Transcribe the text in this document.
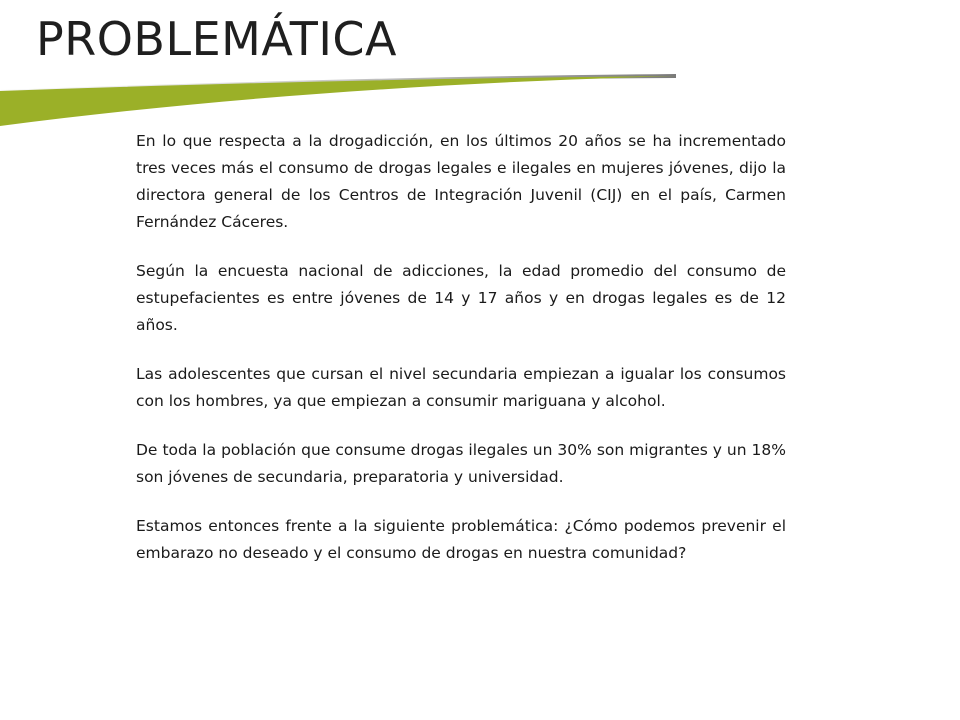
PROBLEMÁTICA

En lo que respecta a la drogadicción, en los últimos 20 años se ha incrementado tres veces más el consumo de drogas legales e ilegales en mujeres jóvenes, dijo la directora general de los Centros de Integración Juvenil (CIJ) en el país, Carmen Fernández Cáceres.

Según la encuesta nacional de adicciones, la edad promedio del consumo de estupefacientes es entre jóvenes de 14 y 17 años y en drogas legales es de 12 años.

Las adolescentes que cursan el nivel secundaria empiezan a igualar los consumos con los hombres, ya que empiezan a consumir mariguana y alcohol.

De toda la población que consume drogas ilegales un 30% son migrantes y un 18% son jóvenes de secundaria, preparatoria y universidad.

Estamos entonces frente a la siguiente problemática: ¿Cómo podemos prevenir el embarazo no deseado y el consumo de drogas en nuestra comunidad?
